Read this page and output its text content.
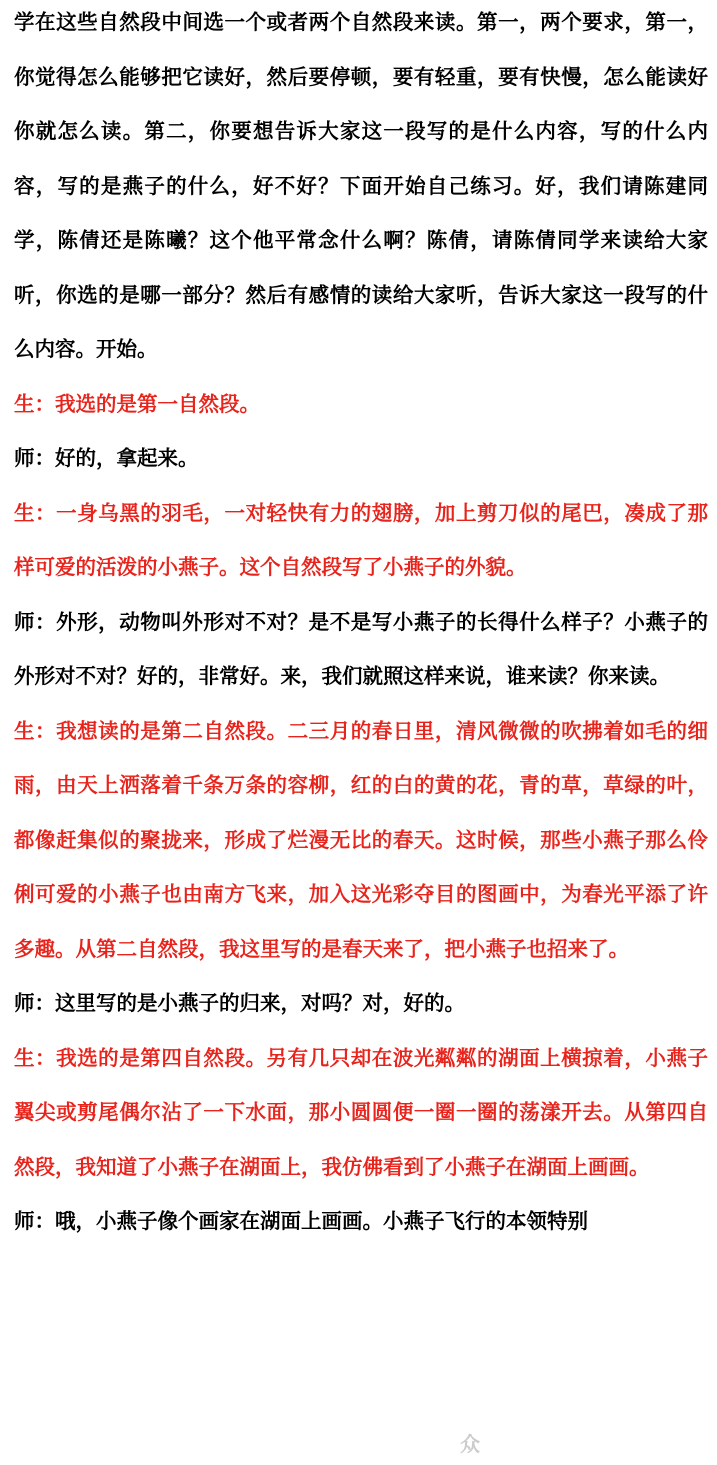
学在这些自然段中间选一个或者两个自然段来读。第一，两个要求，第一，你觉得怎么能够把它读好，然后要停顿，要有轻重，要有快慢，怎么能读好你就怎么读。第二，你要想告诉大家这一段写的是什么内容，写的什么内容，写的是燕子的什么，好不好？下面开始自己练习。好，我们请陈建同学，陈倩还是陈曦？这个他平常念什么啊？陈倩，请陈倩同学来读给大家听，你选的是哪一部分？然后有感情的读给大家听，告诉大家这一段写的什么内容。开始。

生：我选的是第一自然段。

师：好的，拿起来。

生：一身乌黑的羽毛，一对轻快有力的翅膀，加上剪刀似的尾巴，凑成了那样可爱的活泼的小燕子。这个自然段写了小燕子的外貌。

师：外形，动物叫外形对不对？是不是写小燕子的长得什么样子？小燕子的外形对不对？好的，非常好。来，我们就照这样来说，谁来读？你来读。

生：我想读的是第二自然段。二三月的春日里，清风微微的吹拂着如毛的细雨，由天上洒落着千条万条的容柳，红的白的黄的花，青的草，草绿的叶，都像赶集似的聚拢来，形成了烂漫无比的春天。这时候，那些小燕子那么伶俐可爱的小燕子也由南方飞来，加入这光彩夺目的图画中，为春光平添了许多趣。从第二自然段，我这里写的是春天来了，把小燕子也招来了。

师：这里写的是小燕子的归来，对吗？对，好的。

生：我选的是第四自然段。另有几只却在波光粼粼的湖面上横掠着，小燕子翼尖或剪尾偶尔沾了一下水面，那小圆圆便一圈一圈的荡漾开去。从第四自然段，我知道了小燕子在湖面上，我仿佛看到了小燕子在湖面上画画。

师：哦，小燕子像个画家在湖面上画画。小燕子飞行的本领特别

众
